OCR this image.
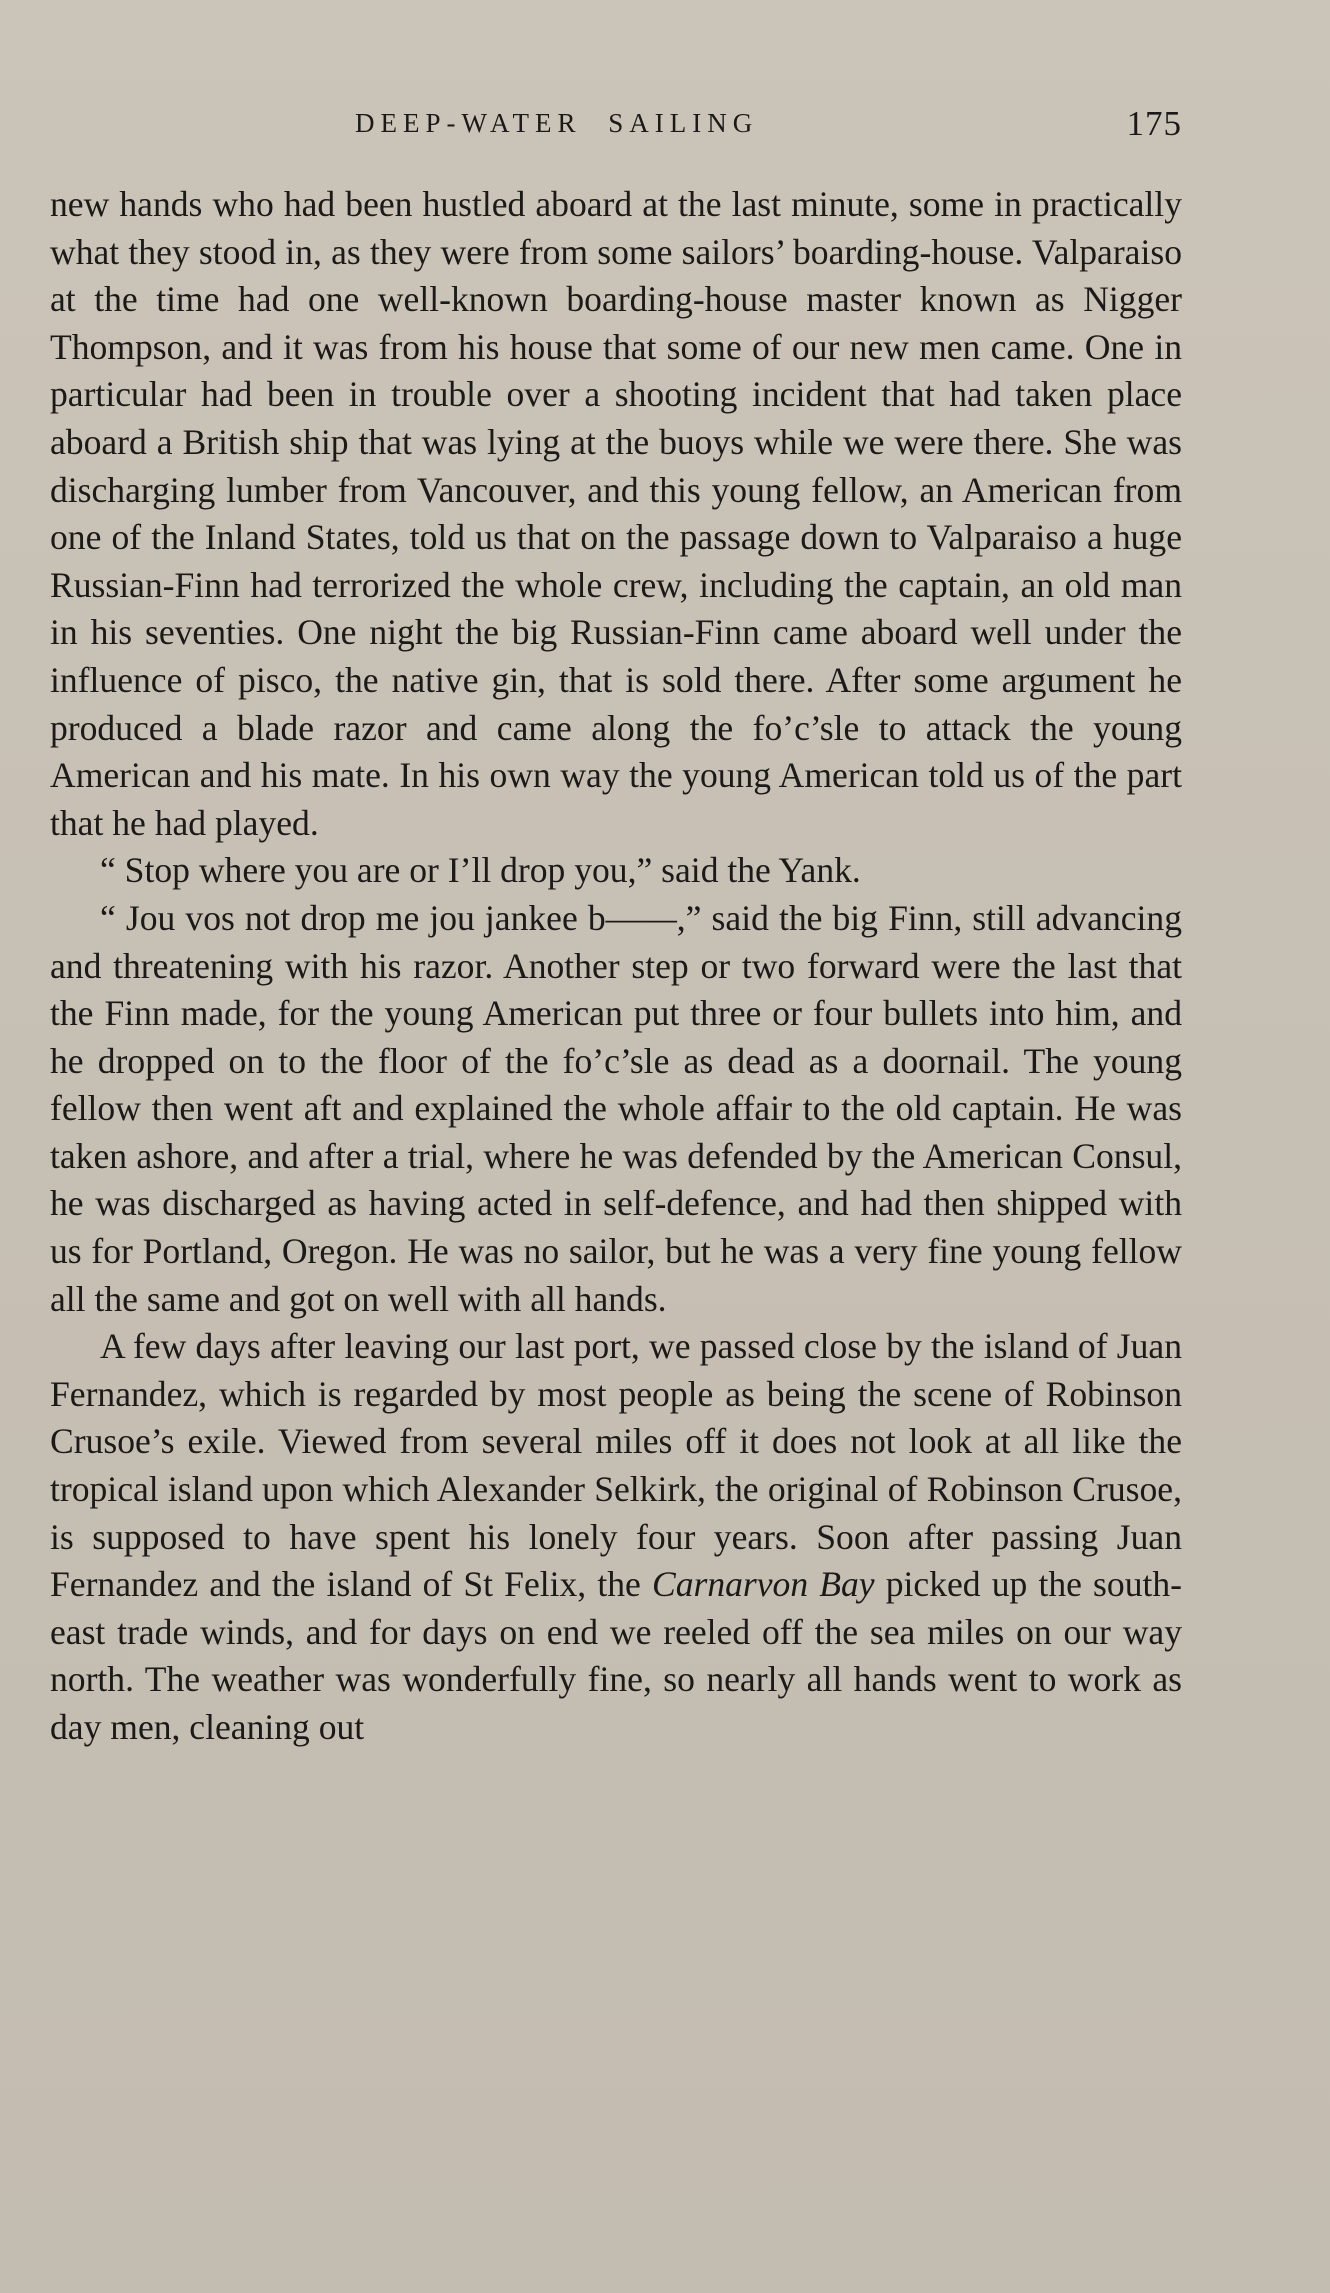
DEEP-WATER SAILING	175

new hands who had been hustled aboard at the last minute, some in practically what they stood in, as they were from some sailors’ boarding-house. Valparaiso at the time had one well-known boarding-house master known as Nigger Thompson, and it was from his house that some of our new men came. One in particular had been in trouble over a shooting incident that had taken place aboard a British ship that was lying at the buoys while we were there. She was discharging lumber from Vancouver, and this young fellow, an American from one of the Inland States, told us that on the passage down to Valparaiso a huge Russian-Finn had terrorized the whole crew, including the captain, an old man in his seventies. One night the big Russian-Finn came aboard well under the influence of pisco, the native gin, that is sold there. After some argument he produced a blade razor and came along the fo’c’sle to attack the young American and his mate. In his own way the young American told us of the part that he had played.

“ Stop where you are or I’ll drop you,” said the Yank.

“ Jou vos not drop me jou jankee b——,” said the big Finn, still advancing and threatening with his razor. Another step or two forward were the last that the Finn made, for the young American put three or four bullets into him, and he dropped on to the floor of the fo’c’sle as dead as a doornail. The young fellow then went aft and explained the whole affair to the old captain. He was taken ashore, and after a trial, where he was defended by the American Consul, he was discharged as having acted in self-defence, and had then shipped with us for Portland, Oregon. He was no sailor, but he was a very fine young fellow all the same and got on well with all hands.

A few days after leaving our last port, we passed close by the island of Juan Fernandez, which is regarded by most people as being the scene of Robinson Crusoe’s exile. Viewed from several miles off it does not look at all like the tropical island upon which Alexander Selkirk, the original of Robinson Crusoe, is supposed to have spent his lonely four years. Soon after passing Juan Fernandez and the island of St Felix, the Carnarvon Bay picked up the south-east trade winds, and for days on end we reeled off the sea miles on our way north. The weather was wonderfully fine, so nearly all hands went to work as day men, cleaning out
